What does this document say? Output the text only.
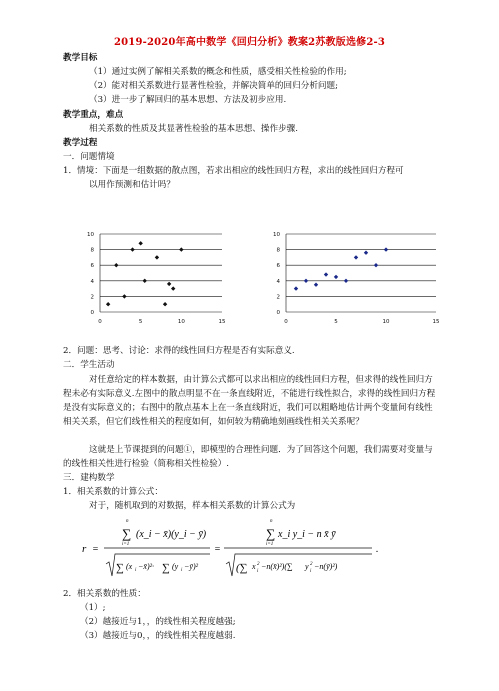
2019-2020年高中数学《回归分析》教案2苏教版选修2-3
教学目标
（1）通过实例了解相关系数的概念和性质，感受相关性检验的作用;
（2）能对相关系数进行显著性检验，并解决简单的回归分析问题;
（3）进一步了解回归的基本思想、方法及初步应用.
教学重点，难点
相关系数的性质及其显著性检验的基本思想、操作步骤.
教学过程
一．问题情境
1．情境：下面是一组数据的散点图，若求出相应的线性回归方程，求出的线性回归方程可
以用作预测和估计吗？
0
2
4
6
8
10
0	5	10	15
0
2
4
6
8
10
0	5	10	15
2．问题：思考、讨论：求得的线性回归方程是否有实际意义.
二．学生活动
对任意给定的样本数据，由计算公式都可以求出相应的线性回归方程，但求得的线性回归方程未必有实际意义.左图中的散点明显不在一条直线附近，不能进行线性拟合，求得的线性回归方程是没有实际意义的；右图中的散点基本上在一条直线附近，我们可以粗略地估计两个变量间有线性相关关系，但它们线性相关的程度如何，如何较为精确地刻画线性相关关系呢？
这就是上节课提到的问题①，即模型的合理性问题．为了回答这个问题，我们需要对变量与的线性相关性进行检验（简称相关性检验）.
三．建构数学
1．相关系数的计算公式：
对于，随机取到的对数据，样本相关系数的计算公式为
r =
n
∑
i=1
(x_i − x̄)(y_i − ȳ)
∑ (x i −x̄)²· ∑ (y i −ȳ)²
=
n
∑
i=1
x_i y_i − n x̄ ȳ
(∑ x 2
i
−n(x̄)²)(∑ y 2
i
−n(ȳ)²)
.
2．相关系数的性质：
（1）;
（2）越接近与1，，的线性相关程度越强;
（3）越接近与0，，的线性相关程度越弱.
